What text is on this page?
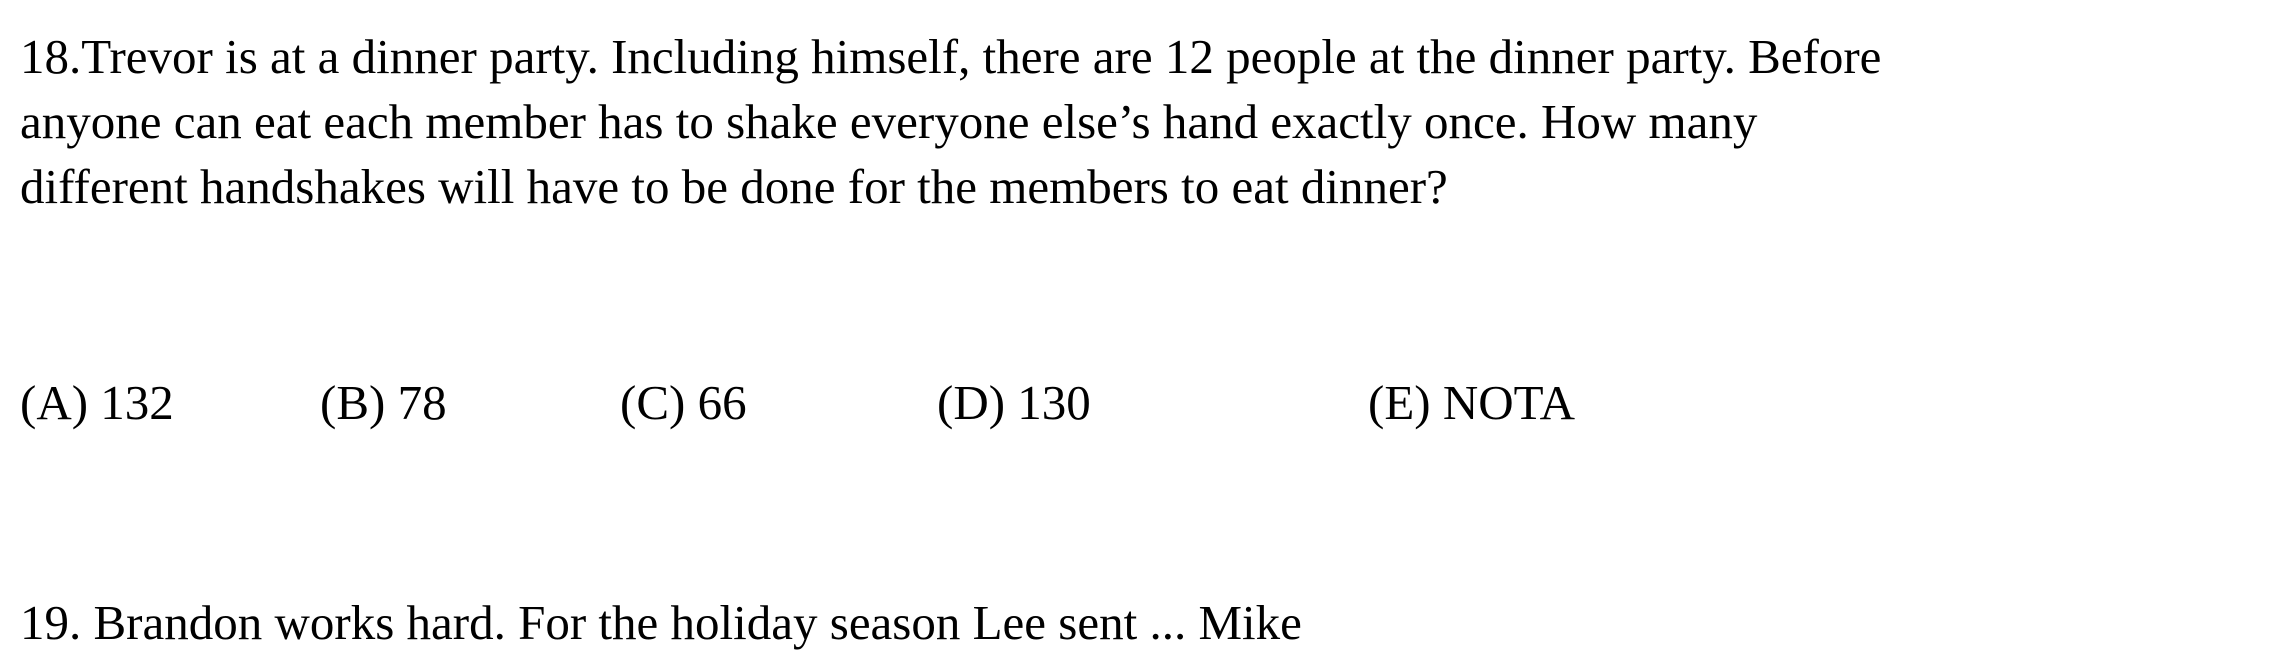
18.Trevor is at a dinner party. Including himself, there are 12 people at the dinner party. Before
anyone can eat each member has to shake everyone else’s hand exactly once. How many
different handshakes will have to be done for the members to eat dinner?
(A) 132	(B) 78	(C) 66	(D) 130	(E) NOTA
19. Brandon works hard. For the holiday season Lee sent ... Mike
